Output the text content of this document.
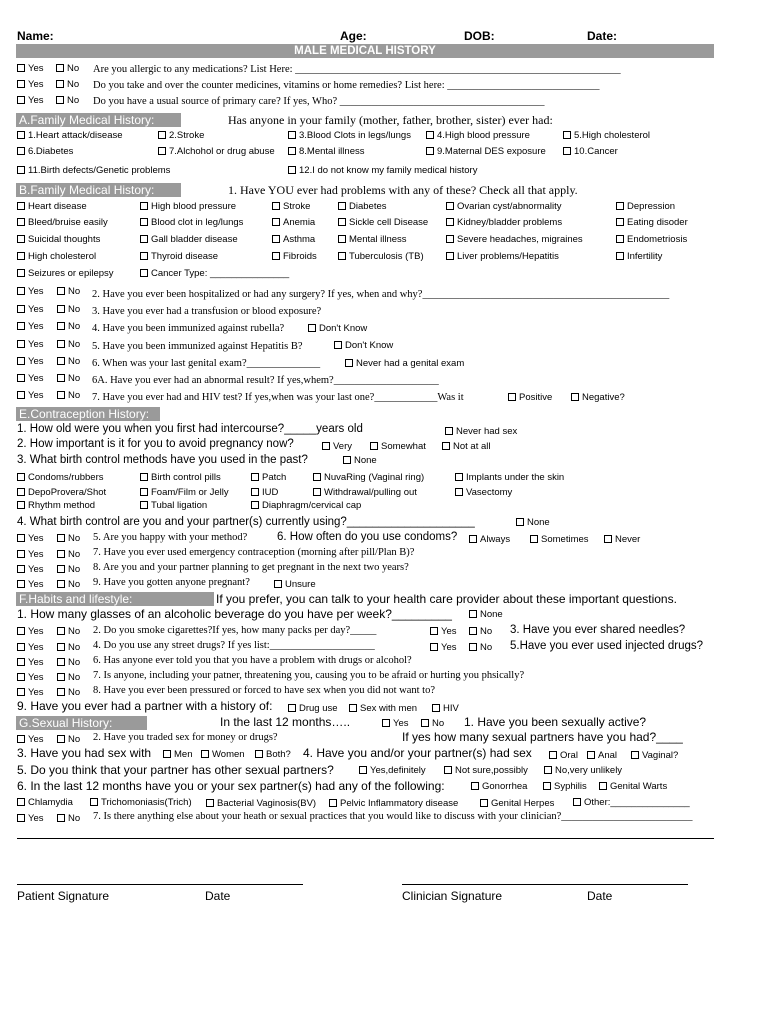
Name:	Age:	DOB:	Date:
MALE MEDICAL HISTORY
Yes	No Are you allergic to any medications? List Here: ______________________________________________________________
Yes	No Do you take and over the counter medicines, vitamins or home remedies? List here: _____________________________
Yes	No Do you have a usual source of primary care? If yes, Who? _______________________________________
A.Family Medical History:	Has anyone in your family (mother, father, brother, sister) ever had:
1.Heart attack/disease	2.Stroke	3.Blood Clots in legs/lungs	4.High blood pressure	5.High cholesterol
6.Diabetes	7.Alchohol or drug abuse	8.Mental illness	9.Maternal DES exposure	10.Cancer
11.Birth defects/Genetic problems	12.I do not know my family medical history
B.Family Medical History:	1. Have YOU ever had problems with any of these? Check all that apply.
Heart disease	High blood pressure	Stroke	Diabetes	Ovarian cyst/abnormality	Depression
Bleed/bruise easily	Blood clot in leg/lungs	Anemia	Sickle cell Disease	Kidney/bladder problems	Eating disoder
Suicidal thoughts	Gall bladder disease	Asthma	Mental illness	Severe headaches, migraines	Endometriosis
High cholesterol	Thyroid disease	Fibroids	Tuberculosis (TB)	Liver problems/Hepatitis	Infertility
Seizures or epilepsy	Cancer Type: _______________
Yes	No 2. Have you ever been hospitalized or had any surgery? If yes, when and why?_______________________________________________
Yes	No 3. Have you ever had a transfusion or blood exposure?
Yes	No 4. Have you been immunized against rubella?	Don't Know
Yes	No 5. Have you been immunized against Hepatitis B?	Don't Know
Yes	No 6. When was your last genital exam?______________	Never had a genital exam
Yes	No 6A. Have you ever had an abnormal result? If yes,whem?____________________
Yes	No 7. Have you ever had and HIV test? If yes,when was your last one?____________Was it	Positive	Negative?
E.Contraception History:
1. How old were you when you first had intercourse?_____years old	Never had sex
2. How important is it for you to avoid pregnancy now?	Very	Somewhat	Not at all
3. What birth control methods have you used in the past?	None
Condoms/rubbers	Birth control pills	Patch	NuvaRing (Vaginal ring)	Implants under the skin
DepoProvera/Shot	Foam/Film or Jelly	IUD	Withdrawal/pulling out	Vasectomy
Rhythm method	Tubal ligation	Diaphragm/cervical cap
4. What birth control are you and your partner(s) currently using?____________________	None
Yes	No 5. Are you happy with your method?	6. How often do you use condoms?	Always	Sometimes	Never
Yes	No 7. Have you ever used emergency contraception (morning after pill/Plan B)?
Yes	No 8. Are you and your partner planning to get pregnant in the next two years?
Yes	No 9. Have you gotten anyone pregnant?	Unsure
F.Habits and lifestyle:	If you prefer, you can talk to your health care provider about these important questions.
1. How many glasses of an alcoholic beverage do you have per week?_________	None
Yes	No 2. Do you smoke cigarettes?If yes, how many packs per day?_____	Yes	No 3. Have you ever shared needles?
Yes	No 4. Do you use any street drugs? If yes list:____________________	Yes	No 5.Have you ever used injected drugs?
Yes	No 6. Has anyone ever told you that you have a problem with drugs or alcohol?
Yes	No 7. Is anyone, including your patner, threatening you, causing you to be afraid or hurting you phsically?
Yes	No 8. Have you ever been pressured or forced to have sex when you did not want to?
9. Have you ever had a partner with a history of:	Drug use	Sex with men	HIV
G.Sexual History:	In the last 12 months…..	Yes	No 1. Have you been sexually active?
Yes	No 2. Have you traded sex for money or drugs?	If yes how many sexual partners have you had?____
3. Have you had sex with	Men	Women	Both? 4. Have you and/or your partner(s) had sex	Oral	Anal	Vaginal?
5. Do you think that your partner has other sexual partners?	Yes,definitely	Not sure,possibly	No,very unlikely
6. In the last 12 months have you or your sex partner(s) had any of the following:	Gonorrhea	Syphilis	Genital Warts
Chlamydia	Trichomoniasis(Trich)	Bacterial Vaginosis(BV)	Pelvic Inflammatory disease	Genital Herpes	Other:_______________
Yes	No 7. Is there anything else about your heath or sexual practices that you would like to discuss with your clinician?_________________________
Patient Signature	Date	Clinician Signature	Date
